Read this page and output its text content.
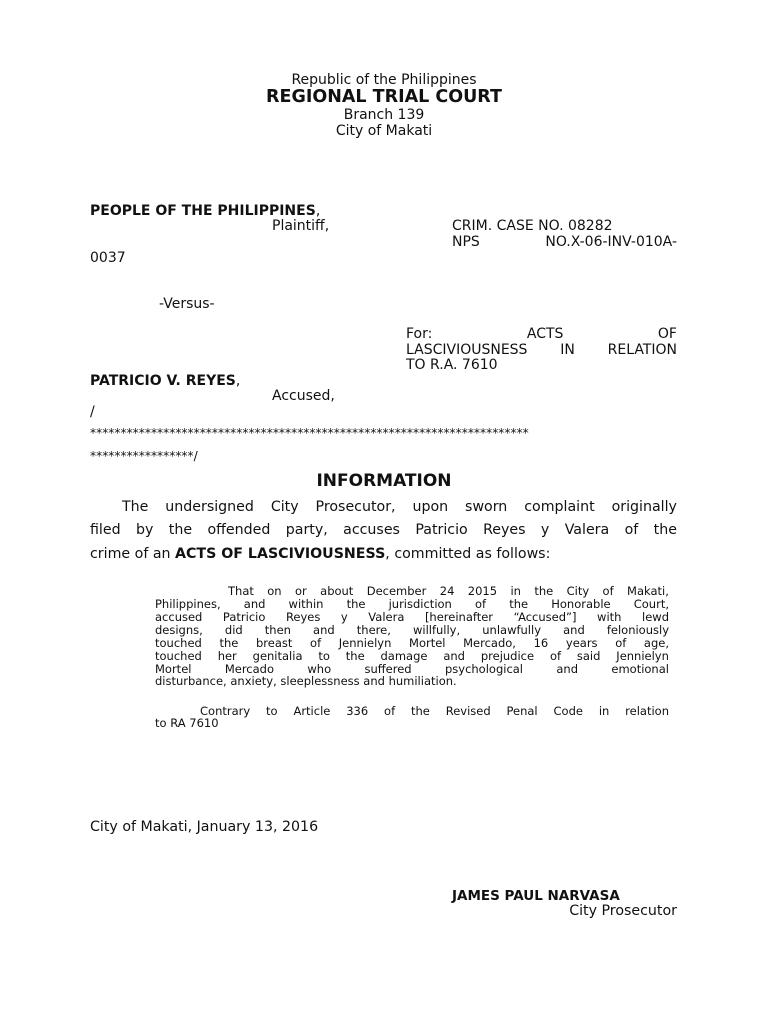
Republic of the Philippines
REGIONAL TRIAL COURT
Branch 139
City of Makati
PEOPLE OF THE PHILIPPINES,
Plaintiff,	CRIM. CASE NO. 08282
NPS	NO.X-06-INV-010A-
0037
-Versus-
For:	ACTS	OF
LASCIVIOUSNESS IN RELATION
TO R.A. 7610
PATRICIO V. REYES,
Accused,
/
************************************************************************
*****************/
INFORMATION
The undersigned City Prosecutor, upon sworn complaint originally
filed by the offended party, accuses Patricio Reyes y Valera of the
crime of an ACTS OF LASCIVIOUSNESS, committed as follows:
That on or about December 24 2015 in the City of Makati,
Philippines, and within the jurisdiction of the Honorable Court,
accused Patricio Reyes y Valera [hereinafter “Accused”] with lewd
designs, did then and there, willfully, unlawfully and feloniously
touched the breast of Jennielyn Mortel Mercado, 16 years of age,
touched her genitalia to the damage and prejudice of said Jennielyn
Mortel	Mercado	who	suffered	psychological	and	emotional
disturbance, anxiety, sleeplessness and humiliation.
Contrary to Article 336 of the Revised Penal Code in relation
to RA 7610
City of Makati, January 13, 2016
JAMES PAUL NARVASA
City Prosecutor
